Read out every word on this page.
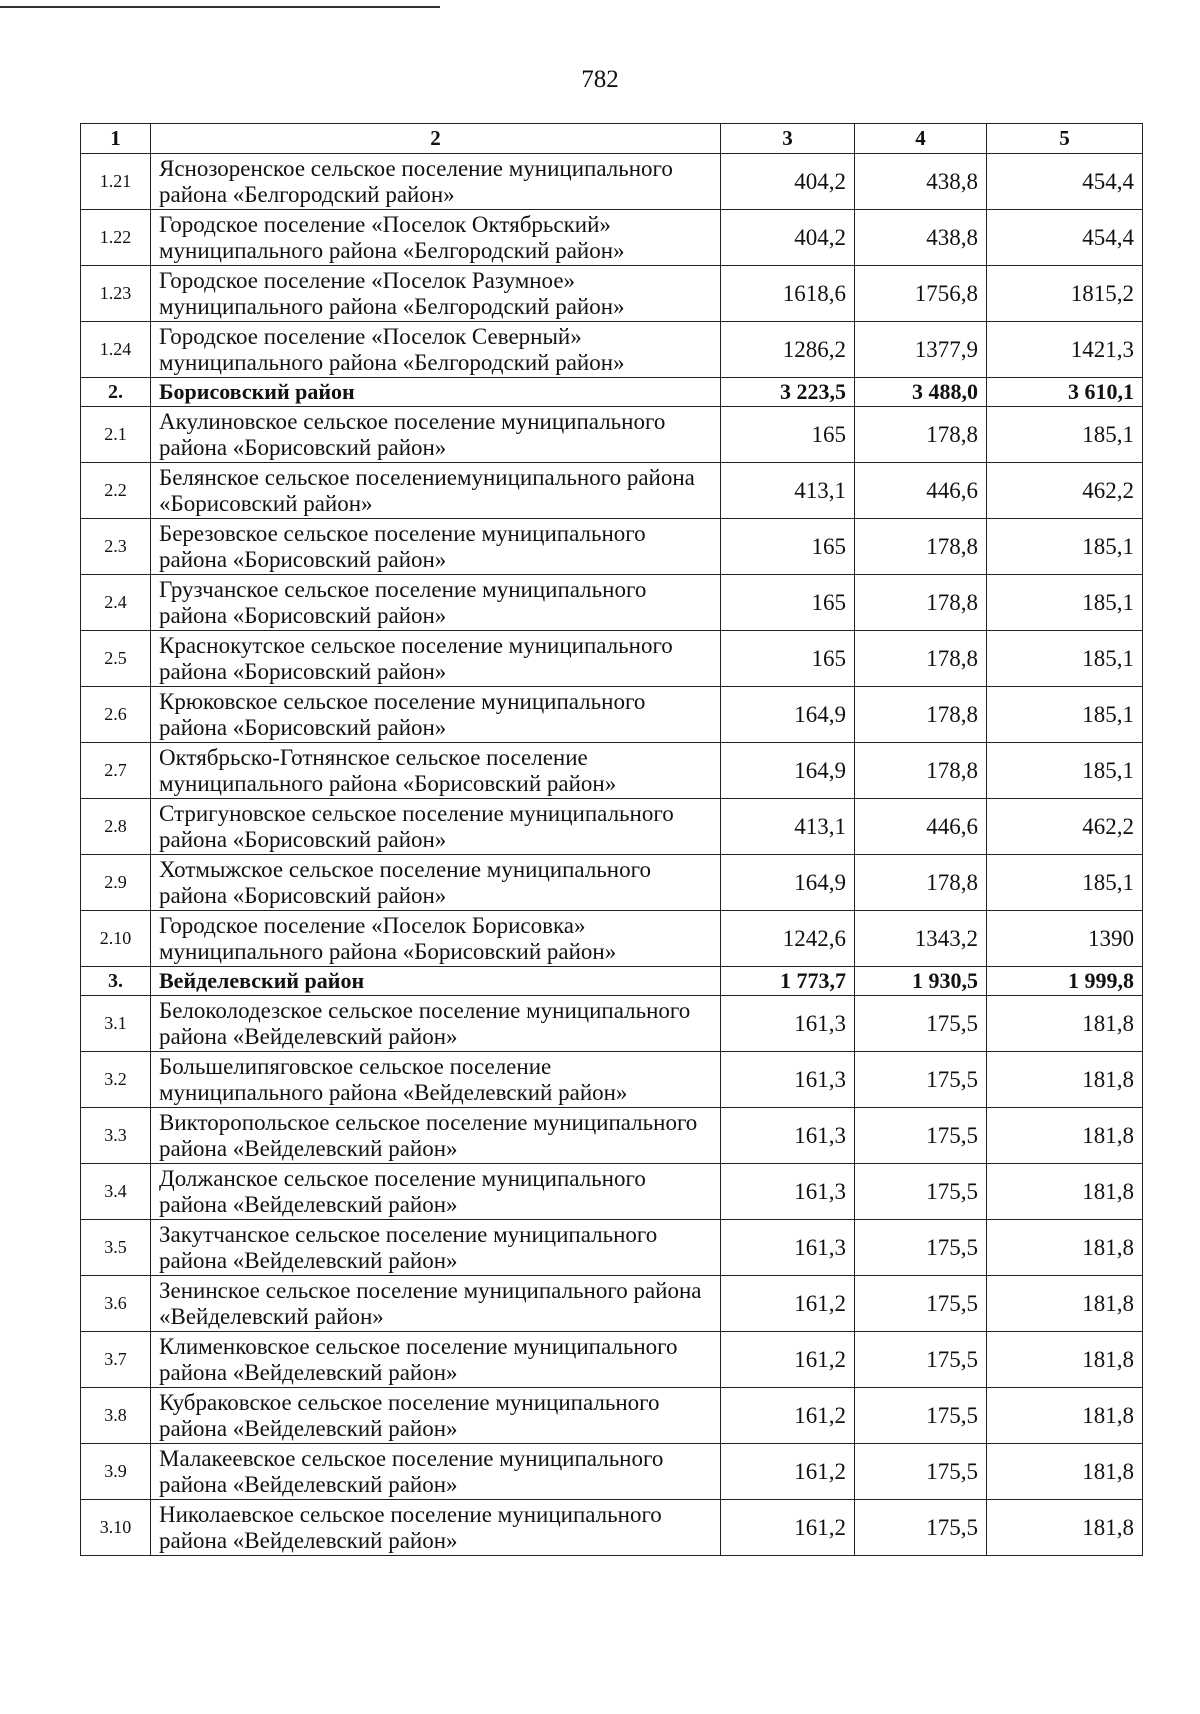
782
1	2	3	4	5
1.21	Яснозоренское сельское поселение муниципального района «Белгородский район»	404,2	438,8	454,4
1.22	Городское поселение «Поселок Октябрьский» муниципального района «Белгородский район»	404,2	438,8	454,4
1.23	Городское поселение «Поселок Разумное» муниципального района «Белгородский район»	1618,6	1756,8	1815,2
1.24	Городское поселение «Поселок Северный» муниципального района «Белгородский район»	1286,2	1377,9	1421,3
2.	Борисовский район	3 223,5	3 488,0	3 610,1
2.1	Акулиновское сельское поселение муниципального района «Борисовский район»	165	178,8	185,1
2.2	Белянское сельское поселениемуниципального района «Борисовский район»	413,1	446,6	462,2
2.3	Березовское сельское поселение муниципального района «Борисовский район»	165	178,8	185,1
2.4	Грузчанское сельское поселение муниципального района «Борисовский район»	165	178,8	185,1
2.5	Краснокутское сельское поселение муниципального района «Борисовский район»	165	178,8	185,1
2.6	Крюковское сельское поселение муниципального района «Борисовский район»	164,9	178,8	185,1
2.7	Октябрьско-Готнянское сельское поселение муниципального района «Борисовский район»	164,9	178,8	185,1
2.8	Стригуновское сельское поселение муниципального района «Борисовский район»	413,1	446,6	462,2
2.9	Хотмыжское сельское поселение муниципального района «Борисовский район»	164,9	178,8	185,1
2.10	Городское поселение «Поселок Борисовка» муниципального района «Борисовский район»	1242,6	1343,2	1390
3.	Вейделевский район	1 773,7	1 930,5	1 999,8
3.1	Белоколодезское сельское поселение муниципального района «Вейделевский район»	161,3	175,5	181,8
3.2	Большелипяговское сельское поселение муниципального района «Вейделевский район»	161,3	175,5	181,8
3.3	Викторопольское сельское поселение муниципального района «Вейделевский район»	161,3	175,5	181,8
3.4	Должанское сельское поселение муниципального района «Вейделевский район»	161,3	175,5	181,8
3.5	Закутчанское сельское поселение муниципального района «Вейделевский район»	161,3	175,5	181,8
3.6	Зенинское сельское поселение муниципального района «Вейделевский район»	161,2	175,5	181,8
3.7	Клименковское сельское поселение муниципального района «Вейделевский район»	161,2	175,5	181,8
3.8	Кубраковское сельское поселение муниципального района «Вейделевский район»	161,2	175,5	181,8
3.9	Малакеевское сельское поселение муниципального района «Вейделевский район»	161,2	175,5	181,8
3.10	Николаевское сельское поселение муниципального района «Вейделевский район»	161,2	175,5	181,8
